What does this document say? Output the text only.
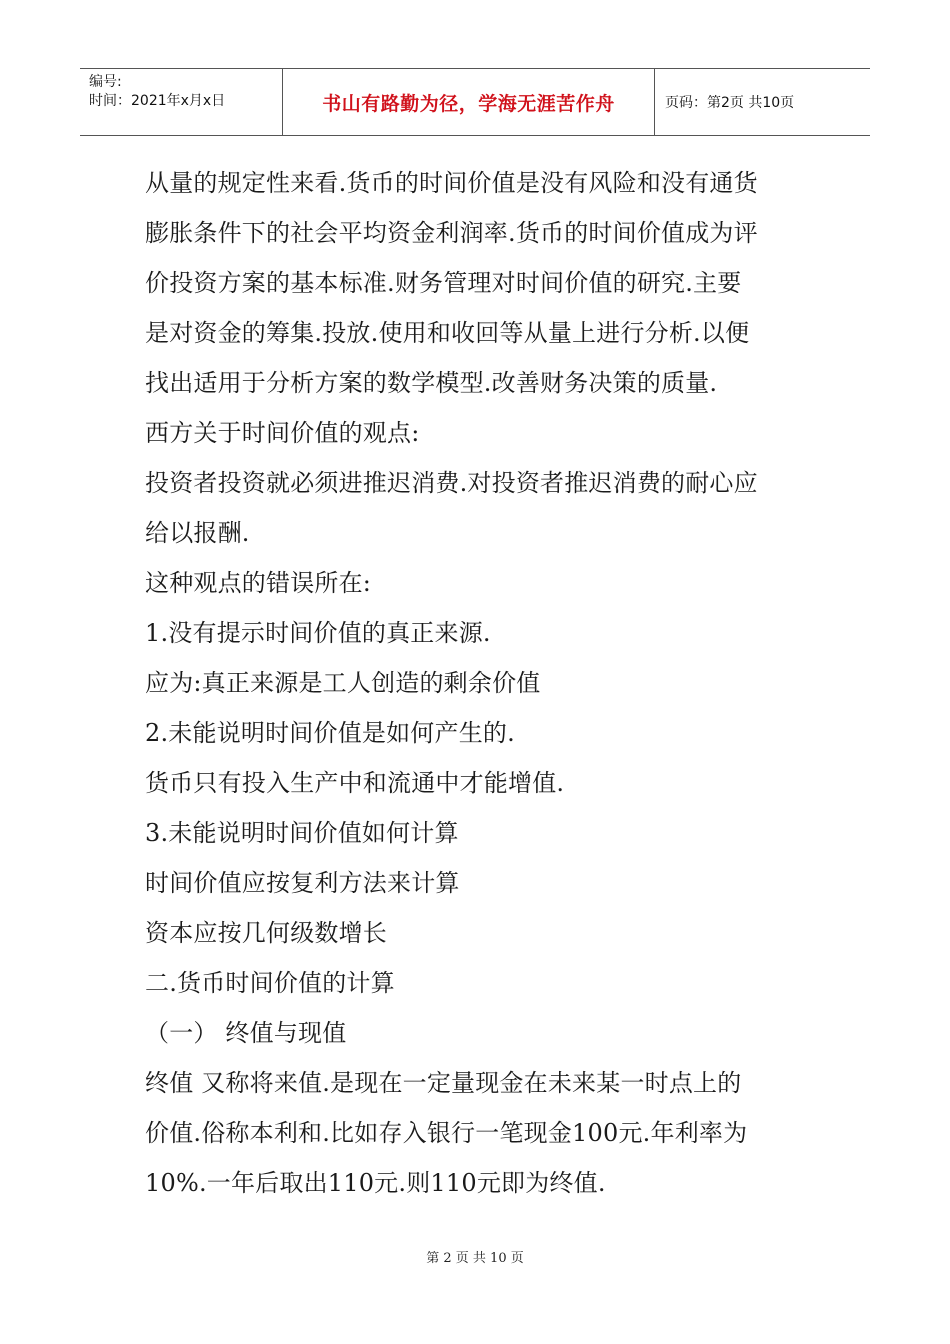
编号:
时间：2021年x月x日	书山有路勤为径，学海无涯苦作舟	页码：第2页 共10页
从量的规定性来看.货币的时间价值是没有风险和没有通货
膨胀条件下的社会平均资金利润率.货币的时间价值成为评
价投资方案的基本标准.财务管理对时间价值的研究.主要
是对资金的筹集.投放.使用和收回等从量上进行分析.以便
找出适用于分析方案的数学模型.改善财务决策的质量.
西方关于时间价值的观点:
投资者投资就必须进推迟消费.对投资者推迟消费的耐心应
给以报酬.
这种观点的错误所在:
1.没有提示时间价值的真正来源.
应为:真正来源是工人创造的剩余价值
2.未能说明时间价值是如何产生的.
货币只有投入生产中和流通中才能增值.
3.未能说明时间价值如何计算
时间价值应按复利方法来计算
资本应按几何级数增长
二.货币时间价值的计算
（一） 终值与现值
终值 又称将来值.是现在一定量现金在未来某一时点上的
价值.俗称本利和.比如存入银行一笔现金100元.年利率为
10%.一年后取出110元.则110元即为终值.
第 2 页 共 10 页
